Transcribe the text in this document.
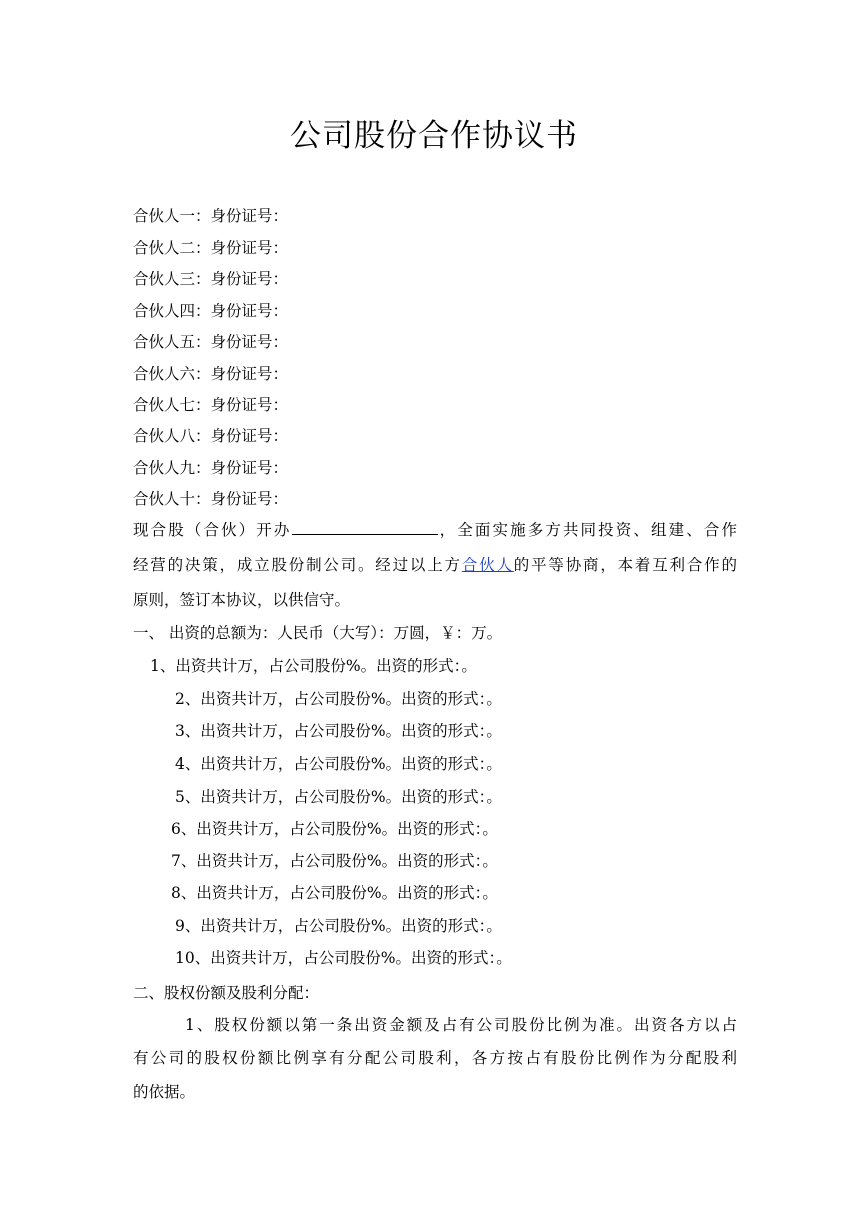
公司股份合作协议书
合伙人一：身份证号：
合伙人二：身份证号：
合伙人三：身份证号：
合伙人四：身份证号：
合伙人五：身份证号：
合伙人六：身份证号：
合伙人七：身份证号：
合伙人八：身份证号：
合伙人九：身份证号：
合伙人十：身份证号：
现合股（合伙）开办	，全面实施多方共同投资、组建、合作
经营的决策，成立股份制公司。经过以上方合伙人的平等协商，本着互利合作的
原则，签订本协议，以供信守。
一、 出资的总额为：人民币（大写）：万圆，￥：万。
1、出资共计万，占公司股份%。出资的形式：。
2、出资共计万，占公司股份%。出资的形式：。
3、出资共计万，占公司股份%。出资的形式：。
4、出资共计万，占公司股份%。出资的形式：。
5、出资共计万，占公司股份%。出资的形式：。
6、出资共计万，占公司股份%。出资的形式：。
7、出资共计万，占公司股份%。出资的形式：。
8、出资共计万，占公司股份%。出资的形式：。
9、出资共计万，占公司股份%。出资的形式：。
10、出资共计万，占公司股份%。出资的形式：。
二、股权份额及股利分配：
1、股权份额以第一条出资金额及占有公司股份比例为准。出资各方以占
有公司的股权份额比例享有分配公司股利，各方按占有股份比例作为分配股利
的依据。
